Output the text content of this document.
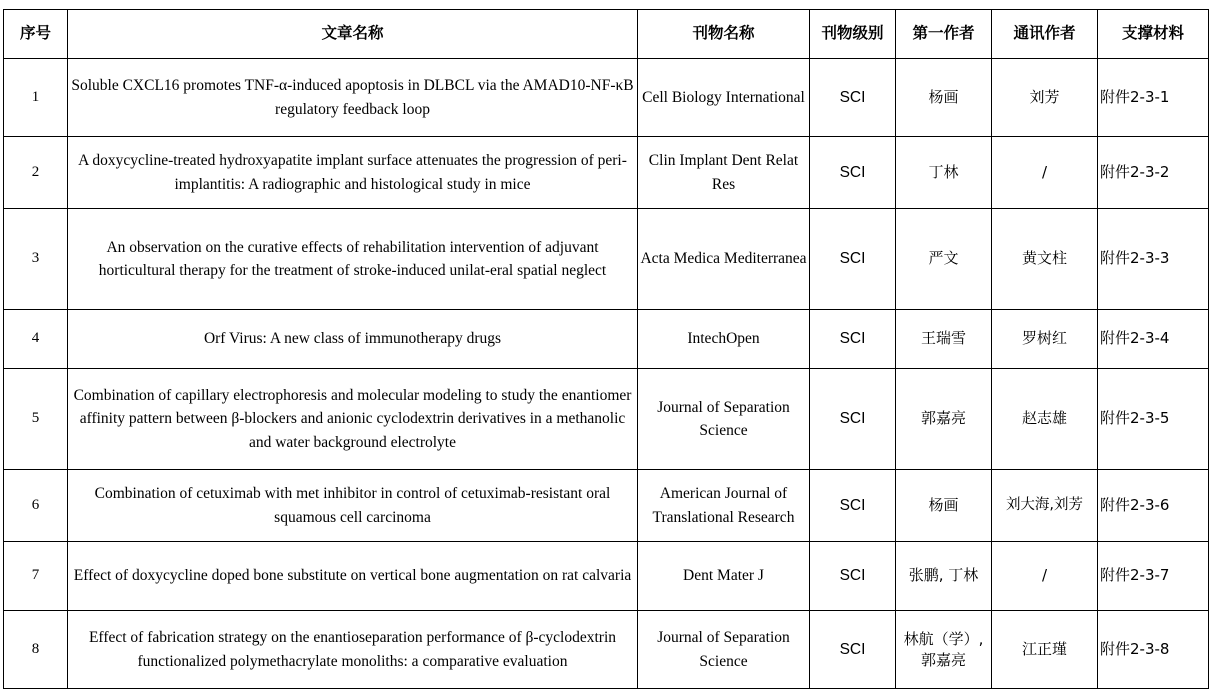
序号	文章名称	刊物名称	刊物级别	第一作者	通讯作者	支撑材料
1	Soluble CXCL16 promotes TNF-α-induced apoptosis in DLBCL via the AMAD10-NF-κB regulatory feedback loop	Cell Biology International	SCI	杨画	刘芳	附件2-3-1
2	A doxycycline-treated hydroxyapatite implant surface attenuates the progression of peri-implantitis: A radiographic and histological study in mice	Clin Implant Dent Relat Res	SCI	丁林	/	附件2-3-2
3	An observation on the curative effects of rehabilitation intervention of adjuvant horticultural therapy for the treatment of stroke-induced unilat-eral spatial neglect	Acta Medica Mediterranea	SCI	严文	黄文柱	附件2-3-3
4	Orf Virus: A new class of immunotherapy drugs	IntechOpen	SCI	王瑞雪	罗树红	附件2-3-4
5	Combination of capillary electrophoresis and molecular modeling to study the enantiomer affinity pattern between β-blockers and anionic cyclodextrin derivatives in a methanolic and water background electrolyte	Journal of Separation Science	SCI	郭嘉亮	赵志雄	附件2-3-5
6	Combination of cetuximab with met inhibitor in control of cetuximab-resistant oral squamous cell carcinoma	American Journal of Translational Research	SCI	杨画	刘大海,刘芳	附件2-3-6
7	Effect of doxycycline doped bone substitute on vertical bone augmentation on rat calvaria	Dent Mater J	SCI	张鹏, 丁林	/	附件2-3-7
8	Effect of fabrication strategy on the enantioseparation performance of β-cyclodextrin functionalized polymethacrylate monoliths: a comparative evaluation	Journal of Separation Science	SCI	林航（学）,郭嘉亮	江正瑾	附件2-3-8
